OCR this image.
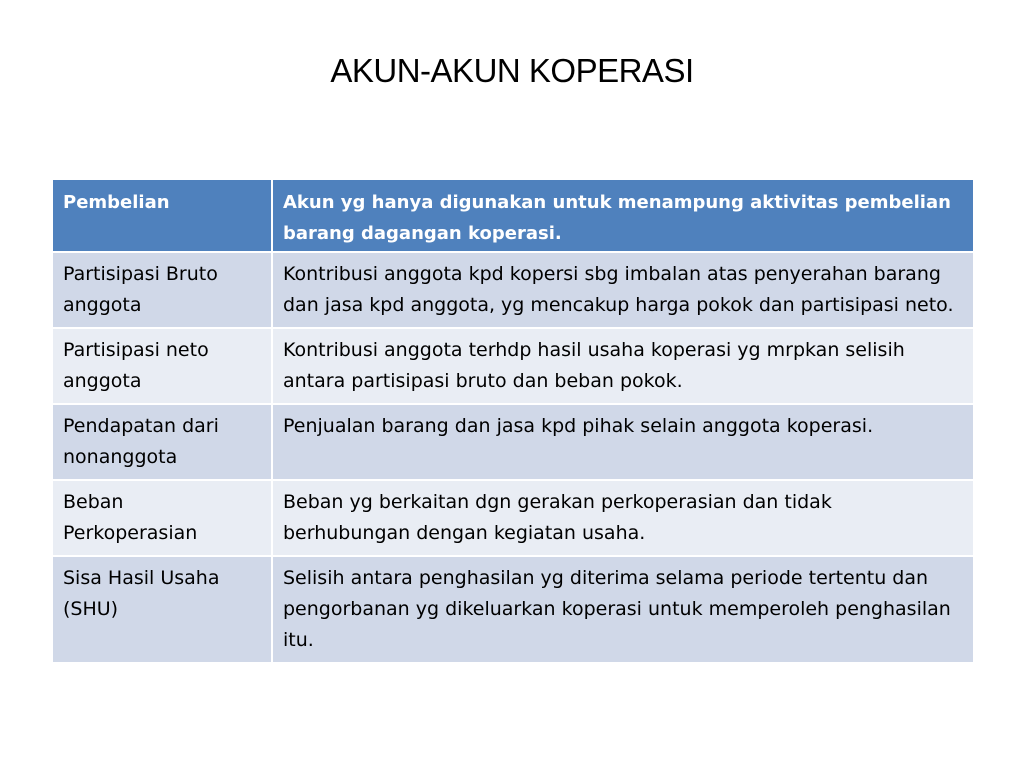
AKUN-AKUN KOPERASI
Pembelian	Akun yg hanya digunakan untuk menampung aktivitas pembelian barang dagangan koperasi.
Partisipasi Bruto anggota	Kontribusi anggota kpd kopersi sbg imbalan atas penyerahan barang dan jasa kpd anggota, yg mencakup harga pokok dan partisipasi neto.
Partisipasi neto anggota	Kontribusi anggota terhdp hasil usaha koperasi yg mrpkan selisih antara partisipasi bruto dan beban pokok.
Pendapatan dari nonanggota	Penjualan barang dan jasa kpd pihak selain anggota koperasi.
Beban Perkoperasian	Beban yg berkaitan dgn gerakan perkoperasian dan tidak berhubungan dengan kegiatan usaha.
Sisa Hasil Usaha (SHU)	Selisih antara penghasilan yg diterima selama periode tertentu dan pengorbanan yg dikeluarkan koperasi untuk memperoleh penghasilan itu.
